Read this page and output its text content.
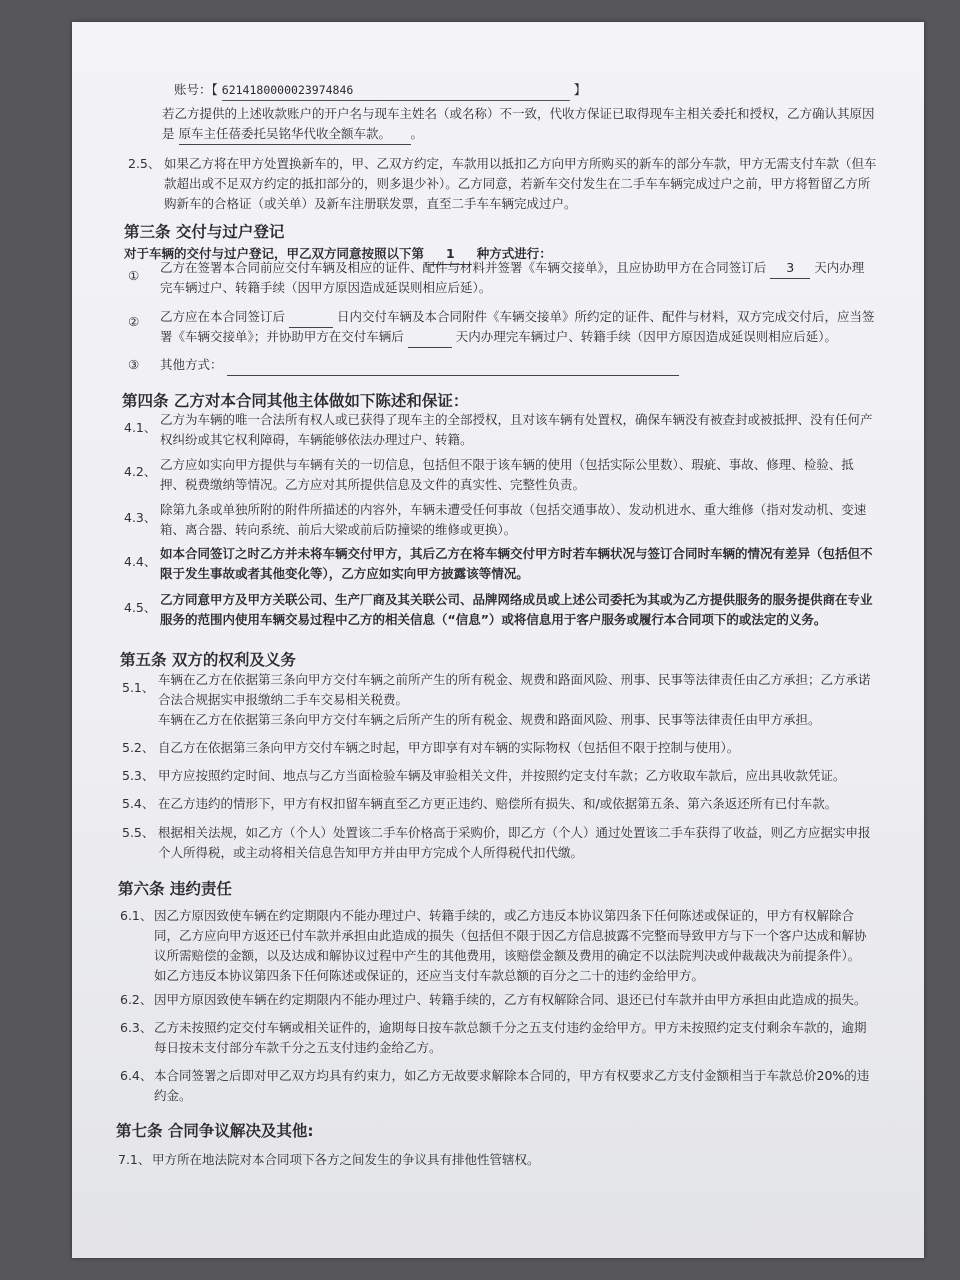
账号：【 6214180000023974846	】
若乙方提供的上述收款账户的开户名与现车主姓名（或名称）不一致，代收方保证已取得现车主相关委托和授权，乙方确认其原因
是 原车主任蓓委托吴铭华代收全额车款。 。
2.5、 如果乙方将在甲方处置换新车的，甲、乙双方约定，车款用以抵扣乙方向甲方所购买的新车的部分车款，甲方无需支付车款（但车
款超出或不足双方约定的抵扣部分的，则多退少补）。乙方同意，若新车交付发生在二手车车辆完成过户之前，甲方将暂留乙方所
购新车的合格证（或关单）及新车注册联发票，直至二手车车辆完成过户。
第三条 交付与过户登记
对于车辆的交付与过户登记，甲乙双方同意按照以下第 1 种方式进行：
①
乙方在签署本合同前应交付车辆及相应的证件、配件与材料并签署《车辆交接单》，且应协助甲方在合同签订后 3 天内办理
完车辆过户、转籍手续（因甲方原因造成延误则相应后延）。
② 乙方应在本合同签订后	日内交付车辆及本合同附件《车辆交接单》所约定的证件、配件与材料，双方完成交付后，应当签
署《车辆交接单》；并协助甲方在交付车辆后	天内办理完车辆过户、转籍手续（因甲方原因造成延误则相应后延）。
③ 其他方式：
第四条 乙方对本合同其他主体做如下陈述和保证：
4.1、
乙方为车辆的唯一合法所有权人或已获得了现车主的全部授权，且对该车辆有处置权，确保车辆没有被查封或被抵押、没有任何产
权纠纷或其它权利障碍，车辆能够依法办理过户、转籍。
4.2、 乙方应如实向甲方提供与车辆有关的一切信息，包括但不限于该车辆的使用（包括实际公里数）、瑕疵、事故、修理、检验、抵
押、税费缴纳等情况。乙方应对其所提供信息及文件的真实性、完整性负责。
4.3、
除第九条或单独所附的附件所描述的内容外，车辆未遭受任何事故（包括交通事故）、发动机进水、重大维修（指对发动机、变速
箱、离合器、转向系统、前后大梁或前后防撞梁的维修或更换）。
4.4、
如本合同签订之时乙方并未将车辆交付甲方，其后乙方在将车辆交付甲方时若车辆状况与签订合同时车辆的情况有差异（包括但不
限于发生事故或者其他变化等），乙方应如实向甲方披露该等情况。
4.5、
乙方同意甲方及甲方关联公司、生产厂商及其关联公司、品牌网络成员或上述公司委托为其或为乙方提供服务的服务提供商在专业
服务的范围内使用车辆交易过程中乙方的相关信息（“信息”）或将信息用于客户服务或履行本合同项下的或法定的义务。
第五条 双方的权利及义务
5.1、
车辆在乙方在依据第三条向甲方交付车辆之前所产生的所有税金、规费和路面风险、刑事、民事等法律责任由乙方承担；乙方承诺
合法合规据实申报缴纳二手车交易相关税费。
车辆在乙方在依据第三条向甲方交付车辆之后所产生的所有税金、规费和路面风险、刑事、民事等法律责任由甲方承担。
5.2、 自乙方在依据第三条向甲方交付车辆之时起，甲方即享有对车辆的实际物权（包括但不限于控制与使用）。
5.3、 甲方应按照约定时间、地点与乙方当面检验车辆及审验相关文件，并按照约定支付车款；乙方收取车款后，应出具收款凭证。
5.4、 在乙方违约的情形下，甲方有权扣留车辆直至乙方更正违约、赔偿所有损失、和/或依据第五条、第六条返还所有已付车款。
5.5、 根据相关法规，如乙方（个人）处置该二手车价格高于采购价，即乙方（个人）通过处置该二手车获得了收益，则乙方应据实申报
个人所得税，或主动将相关信息告知甲方并由甲方完成个人所得税代扣代缴。
第六条 违约责任
6.1、 因乙方原因致使车辆在约定期限内不能办理过户、转籍手续的，或乙方违反本协议第四条下任何陈述或保证的，甲方有权解除合
同，乙方应向甲方返还已付车款并承担由此造成的损失（包括但不限于因乙方信息披露不完整而导致甲方与下一个客户达成和解协
议所需赔偿的金额，以及达成和解协议过程中产生的其他费用，该赔偿金额及费用的确定不以法院判决或仲裁裁决为前提条件）。
如乙方违反本协议第四条下任何陈述或保证的，还应当支付车款总额的百分之二十的违约金给甲方。
6.2、 因甲方原因致使车辆在约定期限内不能办理过户、转籍手续的，乙方有权解除合同、退还已付车款并由甲方承担由此造成的损失。
6.3、 乙方未按照约定交付车辆或相关证件的，逾期每日按车款总额千分之五支付违约金给甲方。甲方未按照约定支付剩余车款的，逾期
每日按未支付部分车款千分之五支付违约金给乙方。
6.4、 本合同签署之后即对甲乙双方均具有约束力，如乙方无故要求解除本合同的，甲方有权要求乙方支付金额相当于车款总价20%的违
约金。
第七条 合同争议解决及其他:
7.1、 甲方所在地法院对本合同项下各方之间发生的争议具有排他性管辖权。
